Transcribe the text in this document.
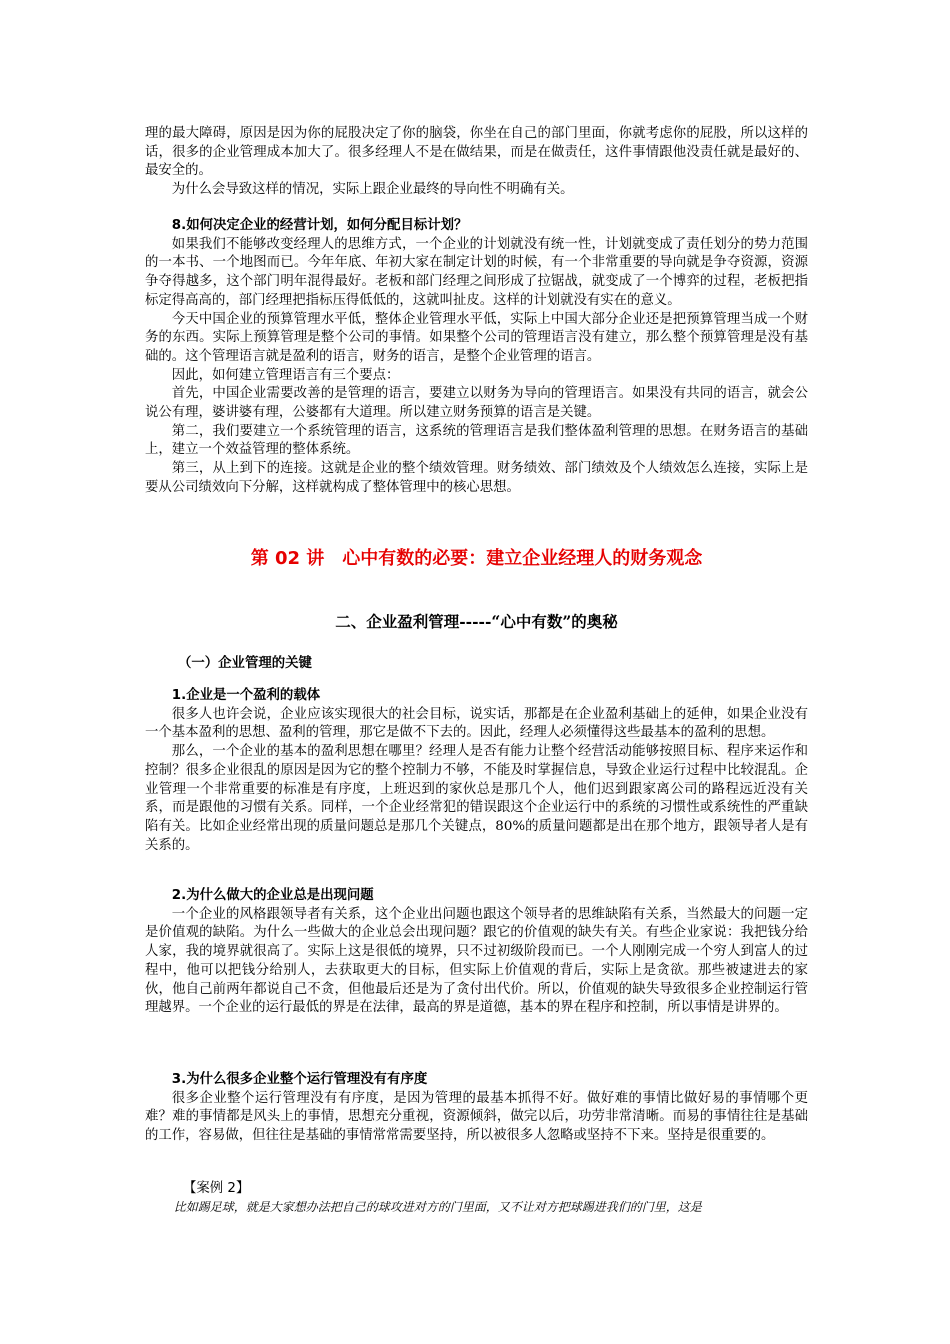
理的最大障碍，原因是因为你的屁股决定了你的脑袋，你坐在自己的部门里面，你就考虑你的屁股，所以这样的话，很多的企业管理成本加大了。很多经理人不是在做结果，而是在做责任，这件事情跟他没责任就是最好的、最安全的。

为什么会导致这样的情况，实际上跟企业最终的导向性不明确有关。

8.如何决定企业的经营计划，如何分配目标计划？

如果我们不能够改变经理人的思维方式，一个企业的计划就没有统一性，计划就变成了责任划分的势力范围的一本书、一个地图而已。今年年底、年初大家在制定计划的时候，有一个非常重要的导向就是争夺资源，资源争夺得越多，这个部门明年混得最好。老板和部门经理之间形成了拉锯战，就变成了一个博弈的过程，老板把指标定得高高的，部门经理把指标压得低低的，这就叫扯皮。这样的计划就没有实在的意义。

今天中国企业的预算管理水平低，整体企业管理水平低，实际上中国大部分企业还是把预算管理当成一个财务的东西。实际上预算管理是整个公司的事情。如果整个公司的管理语言没有建立，那么整个预算管理是没有基础的。这个管理语言就是盈利的语言，财务的语言，是整个企业管理的语言。

因此，如何建立管理语言有三个要点：

首先，中国企业需要改善的是管理的语言，要建立以财务为导向的管理语言。如果没有共同的语言，就会公说公有理，婆讲婆有理，公婆都有大道理。所以建立财务预算的语言是关键。

第二，我们要建立一个系统管理的语言，这系统的管理语言是我们整体盈利管理的思想。在财务语言的基础上，建立一个效益管理的整体系统。

第三，从上到下的连接。这就是企业的整个绩效管理。财务绩效、部门绩效及个人绩效怎么连接，实际上是要从公司绩效向下分解，这样就构成了整体管理中的核心思想。

第 02 讲　心中有数的必要：建立企业经理人的财务观念
二、企业盈利管理-----“心中有数”的奥秘
（一）企业管理的关键
1.企业是一个盈利的载体

很多人也许会说，企业应该实现很大的社会目标，说实话，那都是在企业盈利基础上的延伸，如果企业没有一个基本盈利的思想、盈利的管理，那它是做不下去的。因此，经理人必须懂得这些最基本的盈利的思想。

那么，一个企业的基本的盈利思想在哪里？经理人是否有能力让整个经营活动能够按照目标、程序来运作和控制？很多企业很乱的原因是因为它的整个控制力不够，不能及时掌握信息，导致企业运行过程中比较混乱。企业管理一个非常重要的标准是有序度，上班迟到的家伙总是那几个人，他们迟到跟家离公司的路程远近没有关系，而是跟他的习惯有关系。同样，一个企业经常犯的错误跟这个企业运行中的系统的习惯性或系统性的严重缺陷有关。比如企业经常出现的质量问题总是那几个关键点，80%的质量问题都是出在那个地方，跟领导者人是有关系的。

2.为什么做大的企业总是出现问题

一个企业的风格跟领导者有关系，这个企业出问题也跟这个领导者的思维缺陷有关系，当然最大的问题一定是价值观的缺陷。为什么一些做大的企业总会出现问题？跟它的价值观的缺失有关。有些企业家说：我把钱分给人家，我的境界就很高了。实际上这是很低的境界，只不过初级阶段而已。一个人刚刚完成一个穷人到富人的过程中，他可以把钱分给别人，去获取更大的目标，但实际上价值观的背后，实际上是贪欲。那些被逮进去的家伙，他自己前两年都说自己不贪，但他最后还是为了贪付出代价。所以，价值观的缺失导致很多企业控制运行管理越界。一个企业的运行最低的界是在法律，最高的界是道德，基本的界在程序和控制，所以事情是讲界的。

3.为什么很多企业整个运行管理没有有序度

很多企业整个运行管理没有有序度，是因为管理的最基本抓得不好。做好难的事情比做好易的事情哪个更难？难的事情都是风头上的事情，思想充分重视，资源倾斜，做完以后，功劳非常清晰。而易的事情往往是基础的工作，容易做，但往往是基础的事情常常需要坚持，所以被很多人忽略或坚持不下来。坚持是很重要的。

【案例 2】

比如踢足球，就是大家想办法把自己的球攻进对方的门里面，又不让对方把球踢进我们的门里，这是
